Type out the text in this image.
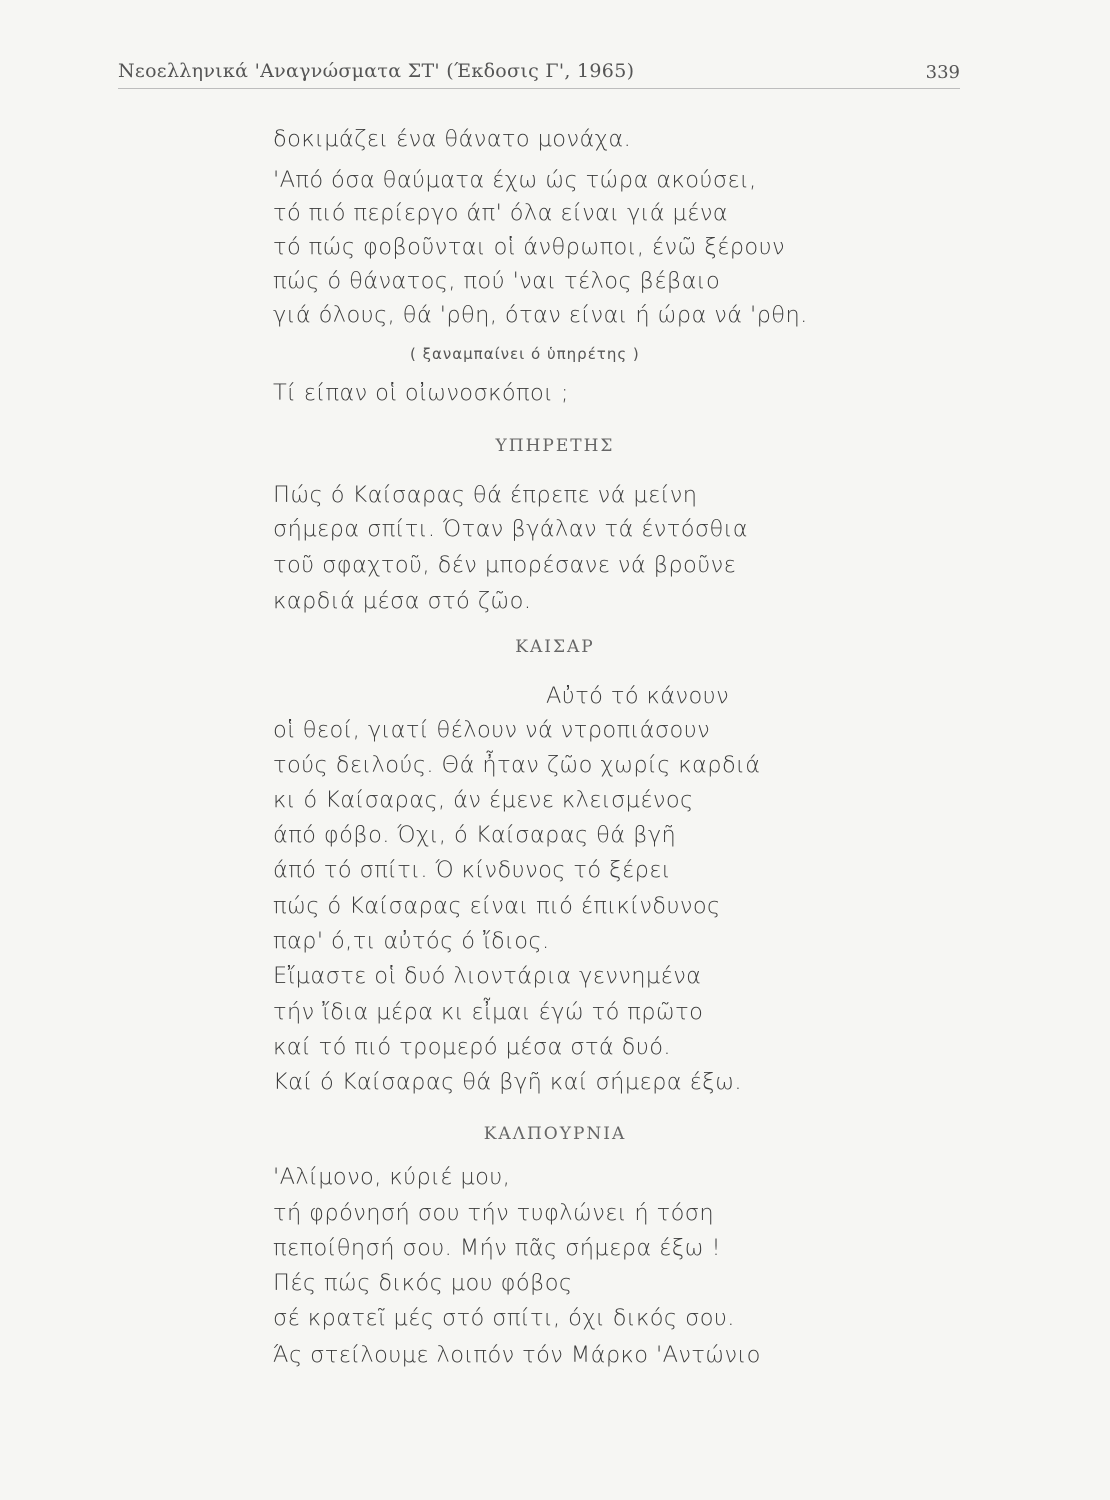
Νεοελληνικά 'Αναγνώσματα ΣΤ' (Έκδοσις Γ', 1965)	339
δοκιμάζει ένα θάνατο μονάχα.
'Από όσα θαύματα έχω ώς τώρα ακούσει,
τό πιό περίεργο άπ' όλα είναι γιά μένα
τό πώς φοβοῦνται οἱ άνθρωποι, ένῶ ξέρουν
πώς ό θάνατος, πού 'ναι τέλος βέβαιο
γιά όλους, θά 'ρθη, όταν είναι ή ώρα νά 'ρθη.
( ξαναμπαίνει ό ὑπηρέτης )
Τί είπαν οἱ οἰωνοσκόποι ;
ΥΠΗΡΕΤΗΣ
Πώς ό Καίσαρας θά έπρεπε νά μείνη
σήμερα σπίτι. Όταν βγάλαν τά έντόσθια
τοῦ σφαχτοῦ, δέν μπορέσανε νά βροῦνε
καρδιά μέσα στό ζῶο.
ΚΑΙΣΑΡ
Αὐτό τό κάνουν
οἱ θεοί, γιατί θέλουν νά ντροπιάσουν
τούς δειλούς. Θά ἦταν ζῶο χωρίς καρδιά
κι ό Καίσαρας, άν έμενε κλεισμένος
άπό φόβο. Όχι, ό Καίσαρας θά βγῆ
άπό τό σπίτι. Ό κίνδυνος τό ξέρει
πώς ό Καίσαρας είναι πιό έπικίνδυνος
παρ' ό,τι αὐτός ό ἴδιος.
Εἴμαστε οἱ δυό λιοντάρια γεννημένα
τήν ἴδια μέρα κι εἶμαι έγώ τό πρῶτο
καί τό πιό τρομερό μέσα στά δυό.
Καί ό Καίσαρας θά βγῆ καί σήμερα έξω.
ΚΑΛΠΟΥΡΝΙΑ
'Αλίμονο, κύριέ μου,
τή φρόνησή σου τήν τυφλώνει ή τόση
πεποίθησή σου. Μήν πᾶς σήμερα έξω !
Πές πώς δικός μου φόβος
σέ κρατεῖ μές στό σπίτι, όχι δικός σου.
Άς στείλουμε λοιπόν τόν Μάρκο 'Αντώνιο
